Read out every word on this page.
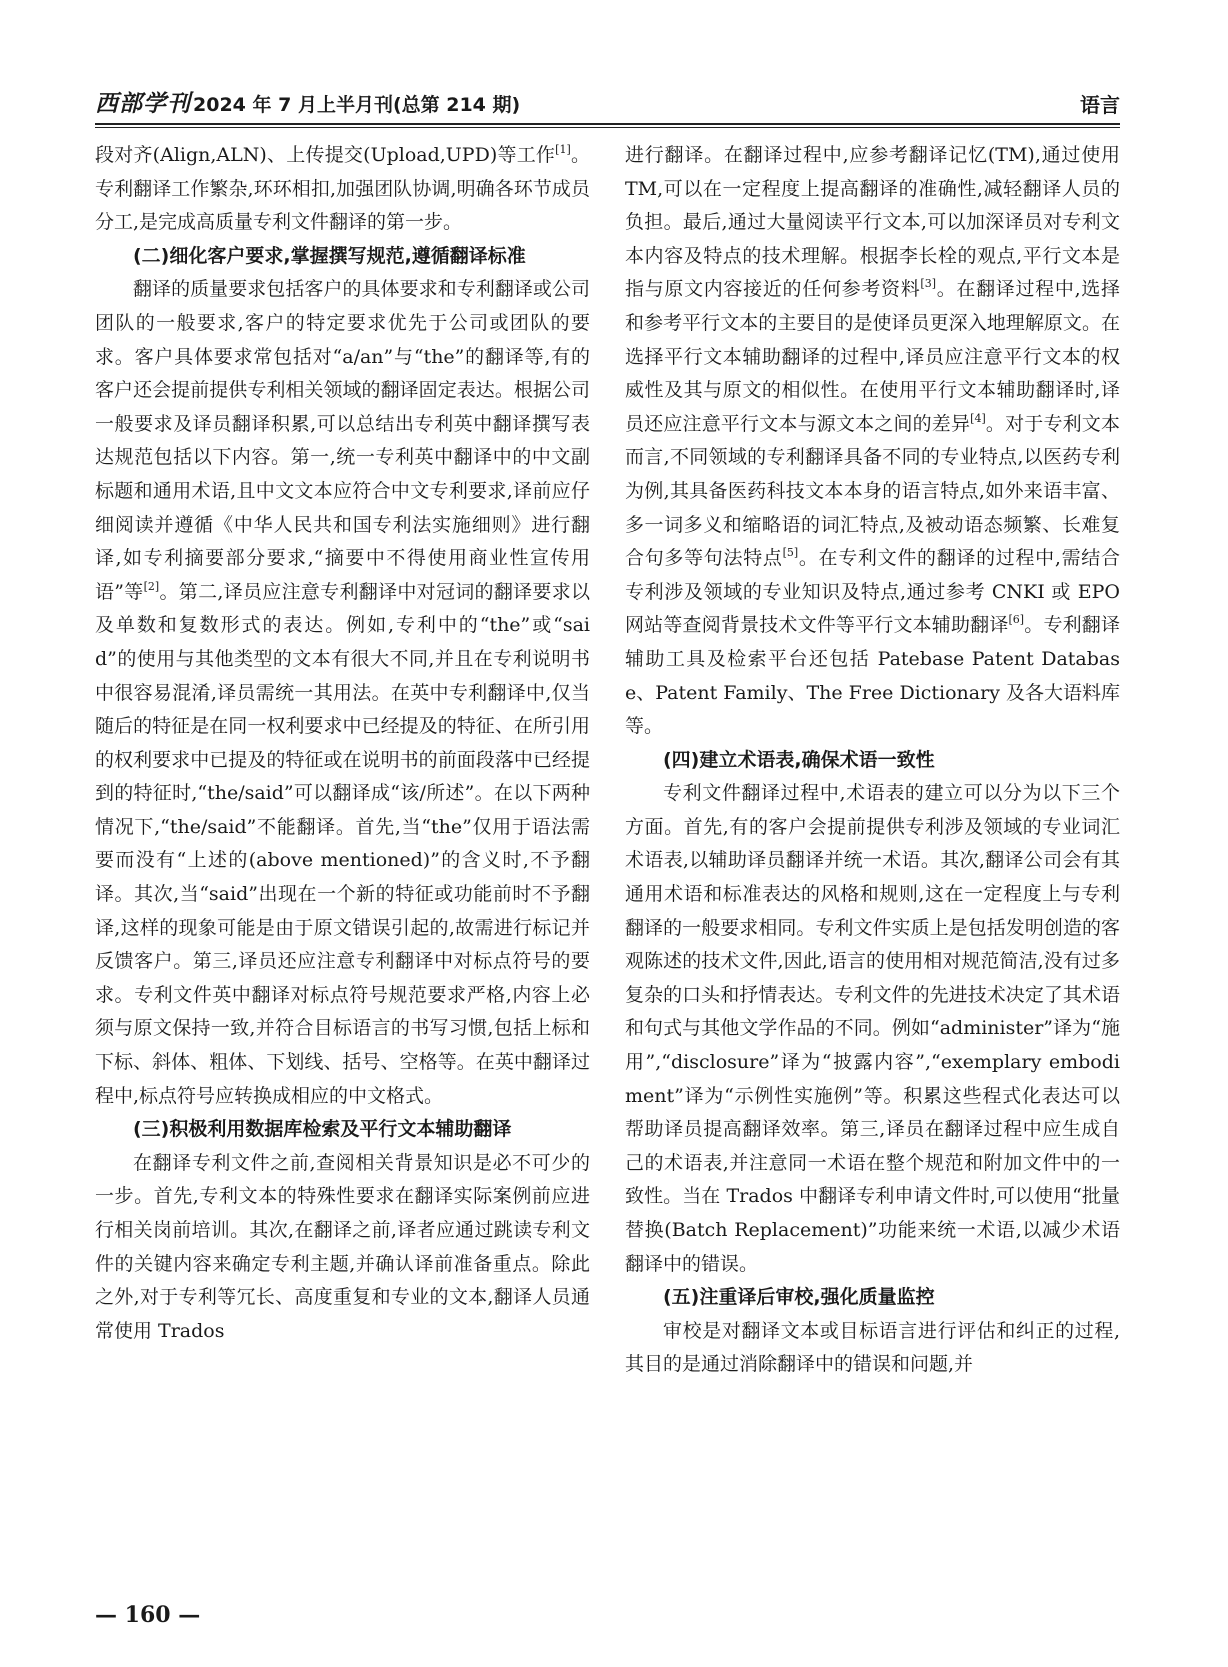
西部学刊 2024 年 7 月上半月刊(总第 214 期)	语言

段对齐(Align,ALN)、上传提交(Upload,UPD)等工作[1]。专利翻译工作繁杂,环环相扣,加强团队协调,明确各环节成员分工,是完成高质量专利文件翻译的第一步。

(二)细化客户要求,掌握撰写规范,遵循翻译标准

翻译的质量要求包括客户的具体要求和专利翻译或公司团队的一般要求,客户的特定要求优先于公司或团队的要求。客户具体要求常包括对“a/an”与“the”的翻译等,有的客户还会提前提供专利相关领域的翻译固定表达。根据公司一般要求及译员翻译积累,可以总结出专利英中翻译撰写表达规范包括以下内容。第一,统一专利英中翻译中的中文副标题和通用术语,且中文文本应符合中文专利要求,译前应仔细阅读并遵循《中华人民共和国专利法实施细则》进行翻译,如专利摘要部分要求,“摘要中不得使用商业性宣传用语”等[2]。第二,译员应注意专利翻译中对冠词的翻译要求以及单数和复数形式的表达。例如,专利中的“the”或“said”的使用与其他类型的文本有很大不同,并且在专利说明书中很容易混淆,译员需统一其用法。在英中专利翻译中,仅当随后的特征是在同一权利要求中已经提及的特征、在所引用的权利要求中已提及的特征或在说明书的前面段落中已经提到的特征时,“the/said”可以翻译成“该/所述”。在以下两种情况下,“the/said”不能翻译。首先,当“the”仅用于语法需要而没有“上述的(above mentioned)”的含义时,不予翻译。其次,当“said”出现在一个新的特征或功能前时不予翻译,这样的现象可能是由于原文错误引起的,故需进行标记并反馈客户。第三,译员还应注意专利翻译中对标点符号的要求。专利文件英中翻译对标点符号规范要求严格,内容上必须与原文保持一致,并符合目标语言的书写习惯,包括上标和下标、斜体、粗体、下划线、括号、空格等。在英中翻译过程中,标点符号应转换成相应的中文格式。

(三)积极利用数据库检索及平行文本辅助翻译

在翻译专利文件之前,查阅相关背景知识是必不可少的一步。首先,专利文本的特殊性要求在翻译实际案例前应进行相关岗前培训。其次,在翻译之前,译者应通过跳读专利文件的关键内容来确定专利主题,并确认译前准备重点。除此之外,对于专利等冗长、高度重复和专业的文本,翻译人员通常使用 Trados

进行翻译。在翻译过程中,应参考翻译记忆(TM),通过使用 TM,可以在一定程度上提高翻译的准确性,减轻翻译人员的负担。最后,通过大量阅读平行文本,可以加深译员对专利文本内容及特点的技术理解。根据李长栓的观点,平行文本是指与原文内容接近的任何参考资料[3]。在翻译过程中,选择和参考平行文本的主要目的是使译员更深入地理解原文。在选择平行文本辅助翻译的过程中,译员应注意平行文本的权威性及其与原文的相似性。在使用平行文本辅助翻译时,译员还应注意平行文本与源文本之间的差异[4]。对于专利文本而言,不同领域的专利翻译具备不同的专业特点,以医药专利为例,其具备医药科技文本本身的语言特点,如外来语丰富、多一词多义和缩略语的词汇特点,及被动语态频繁、长难复合句多等句法特点[5]。在专利文件的翻译的过程中,需结合专利涉及领域的专业知识及特点,通过参考 CNKI 或 EPO 网站等查阅背景技术文件等平行文本辅助翻译[6]。专利翻译辅助工具及检索平台还包括 Patebase Patent Database、Patent Family、The Free Dictionary 及各大语料库等。

(四)建立术语表,确保术语一致性

专利文件翻译过程中,术语表的建立可以分为以下三个方面。首先,有的客户会提前提供专利涉及领域的专业词汇术语表,以辅助译员翻译并统一术语。其次,翻译公司会有其通用术语和标准表达的风格和规则,这在一定程度上与专利翻译的一般要求相同。专利文件实质上是包括发明创造的客观陈述的技术文件,因此,语言的使用相对规范简洁,没有过多复杂的口头和抒情表达。专利文件的先进技术决定了其术语和句式与其他文学作品的不同。例如“administer”译为“施用”,“disclosure”译为“披露内容”,“exemplary embodiment”译为“示例性实施例”等。积累这些程式化表达可以帮助译员提高翻译效率。第三,译员在翻译过程中应生成自己的术语表,并注意同一术语在整个规范和附加文件中的一致性。当在 Trados 中翻译专利申请文件时,可以使用“批量替换(Batch Replacement)”功能来统一术语,以减少术语翻译中的错误。

(五)注重译后审校,强化质量监控

审校是对翻译文本或目标语言进行评估和纠正的过程,其目的是通过消除翻译中的错误和问题,并

— 160 —
